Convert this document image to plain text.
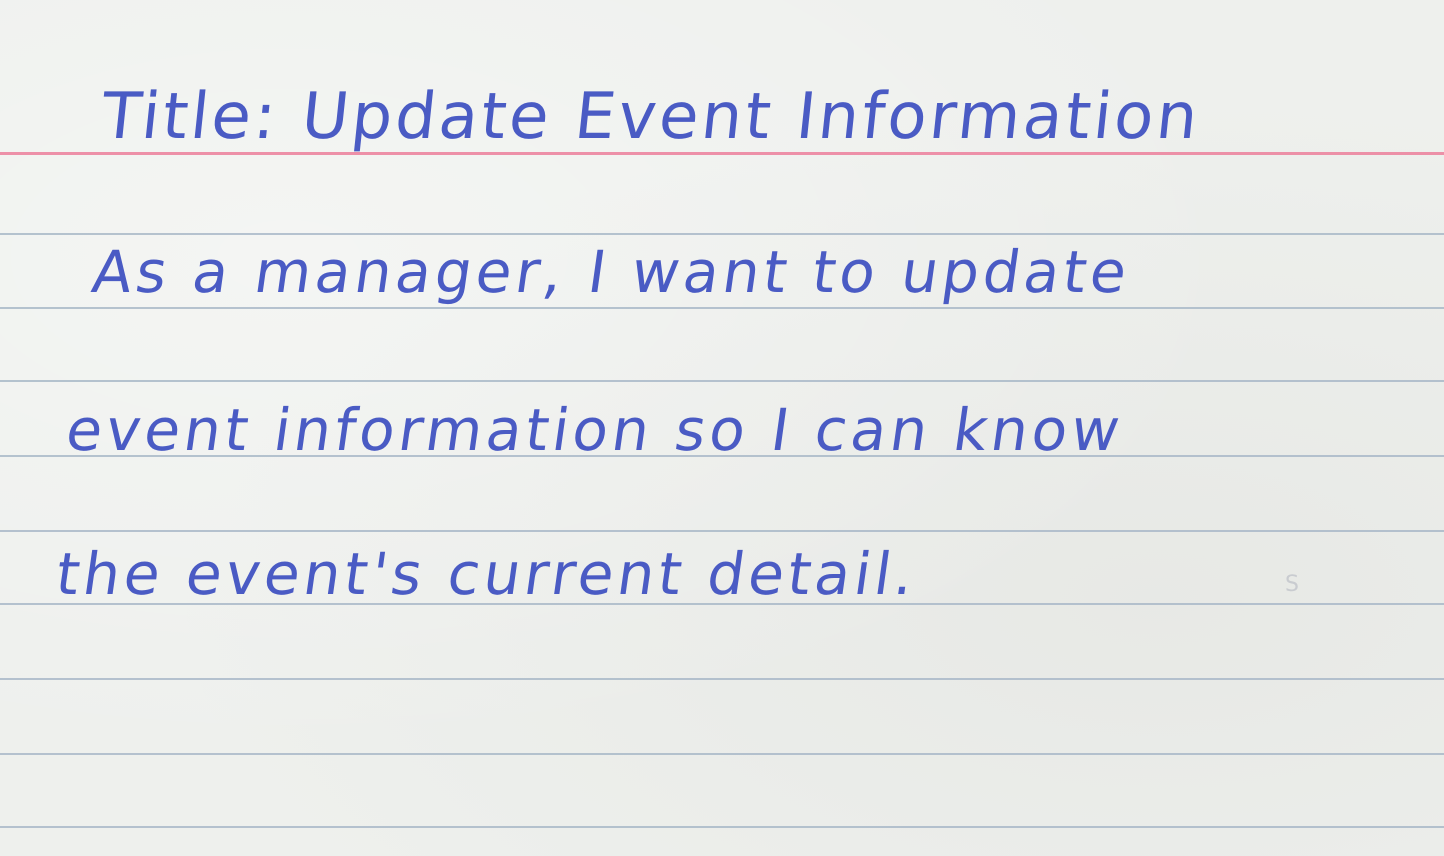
Title: Update Event Information
As a manager, I want to update
event information so I can know
the event's current detail.	S
